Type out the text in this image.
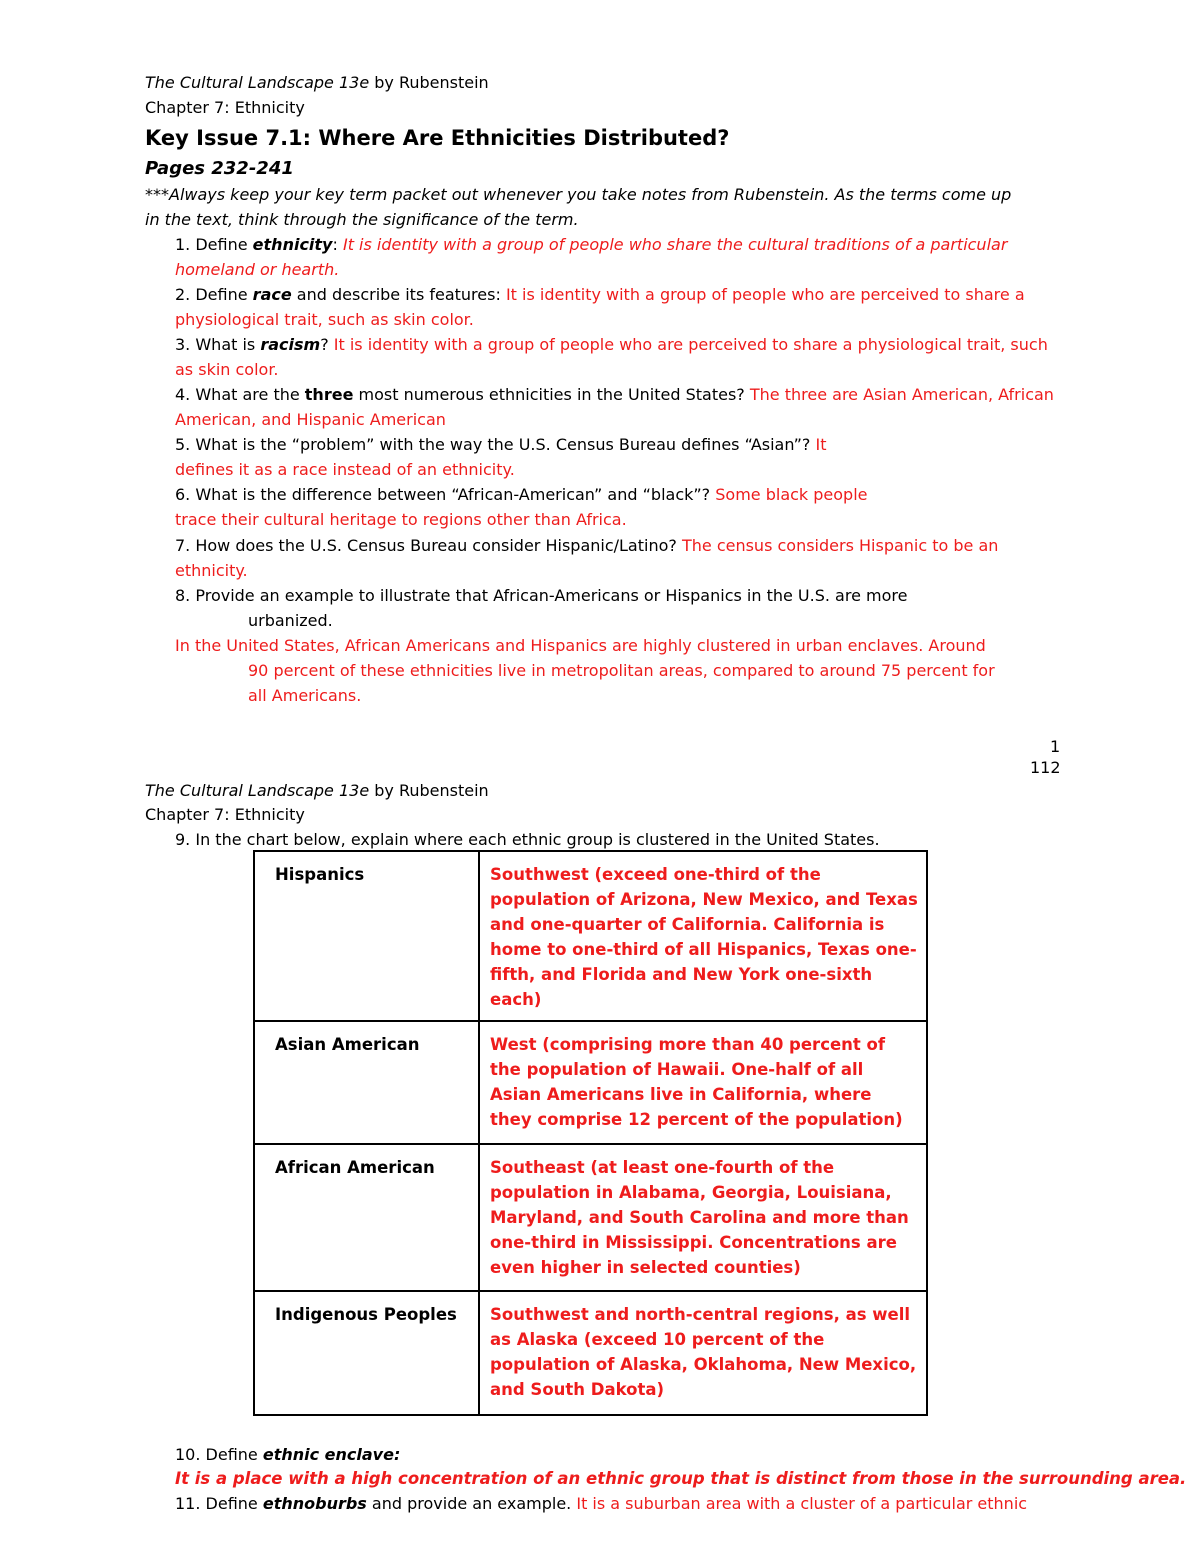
The Cultural Landscape 13e by Rubenstein
Chapter 7: Ethnicity
Key Issue 7.1: Where Are Ethnicities Distributed?
Pages 232-241
***Always keep your key term packet out whenever you take notes from Rubenstein. As the terms come up
in the text, think through the significance of the term.
1. Define ethnicity: It is identity with a group of people who share the cultural traditions of a particular
homeland or hearth.
2. Define race and describe its features: It is identity with a group of people who are perceived to share a
physiological trait, such as skin color.
3. What is racism? It is identity with a group of people who are perceived to share a physiological trait, such
as skin color.
4. What are the three most numerous ethnicities in the United States? The three are Asian American, African
American, and Hispanic American
5. What is the “problem” with the way the U.S. Census Bureau defines “Asian”? It
defines it as a race instead of an ethnicity.
6. What is the difference between “African-American” and “black”? Some black people
trace their cultural heritage to regions other than Africa.
7. How does the U.S. Census Bureau consider Hispanic/Latino? The census considers Hispanic to be an
ethnicity.
8. Provide an example to illustrate that African-Americans or Hispanics in the U.S. are more
urbanized.
In the United States, African Americans and Hispanics are highly clustered in urban enclaves. Around
90 percent of these ethnicities live in metropolitan areas, compared to around 75 percent for
all Americans.
1
112
The Cultural Landscape 13e by Rubenstein
Chapter 7: Ethnicity
9. In the chart below, explain where each ethnic group is clustered in the United States.
Hispanics	Southwest (exceed one-third of the population of Arizona, New Mexico, and Texas and one-quarter of California. California is home to one-third of all Hispanics, Texas one-fifth, and Florida and New York one-sixth each)
Asian American	West (comprising more than 40 percent of the population of Hawaii. One-half of all Asian Americans live in California, where they comprise 12 percent of the population)
African American	Southeast (at least one-fourth of the population in Alabama, Georgia, Louisiana, Maryland, and South Carolina and more than one-third in Mississippi. Concentrations are even higher in selected counties)
Indigenous Peoples	Southwest and north-central regions, as well as Alaska (exceed 10 percent of the population of Alaska, Oklahoma, New Mexico, and South Dakota)
10. Define ethnic enclave:
It is a place with a high concentration of an ethnic group that is distinct from those in the surrounding area.
11. Define ethnoburbs and provide an example. It is a suburban area with a cluster of a particular ethnic
